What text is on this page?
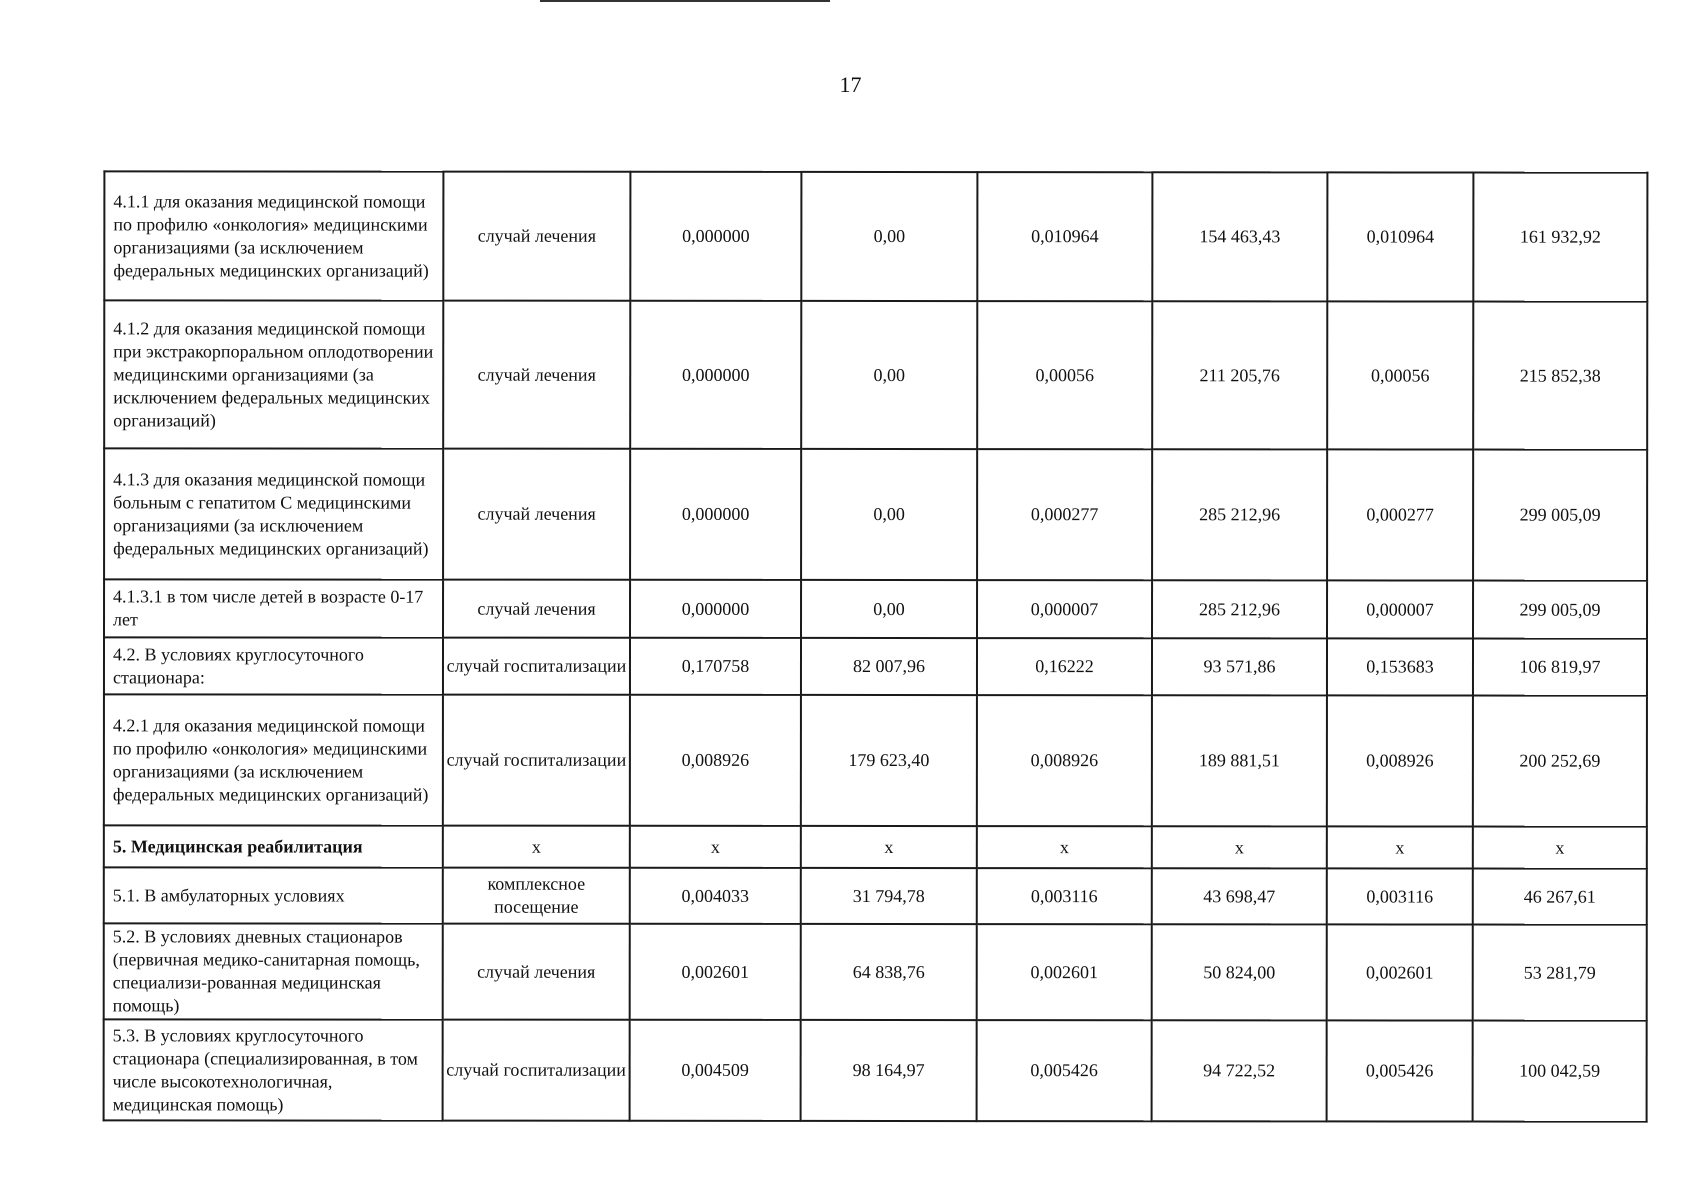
17
4.1.1 для оказания медицинской помощи по профилю «онкология» медицинскими организациями (за исключением федеральных медицинских организаций)	случай лечения	0,000000	0,00	0,010964	154 463,43	0,010964	161 932,92
4.1.2 для оказания медицинской помощи при экстракорпоральном оплодотворении медицинскими организациями (за исключением федеральных медицинских организаций)	случай лечения	0,000000	0,00	0,00056	211 205,76	0,00056	215 852,38
4.1.3 для оказания медицинской помощи больным с гепатитом С медицинскими организациями (за исключением федеральных медицинских организаций)	случай лечения	0,000000	0,00	0,000277	285 212,96	0,000277	299 005,09
4.1.3.1 в том числе детей в возрасте 0-17 лет	случай лечения	0,000000	0,00	0,000007	285 212,96	0,000007	299 005,09
4.2. В условиях круглосуточного стационара:	случай госпитализации	0,170758	82 007,96	0,16222	93 571,86	0,153683	106 819,97
4.2.1 для оказания медицинской помощи по профилю «онкология» медицинскими организациями (за исключением федеральных медицинских организаций)	случай госпитализации	0,008926	179 623,40	0,008926	189 881,51	0,008926	200 252,69
5. Медицинская реабилитация	х	х	х	х	х	х	х
5.1. В амбулаторных условиях	комплексное посещение	0,004033	31 794,78	0,003116	43 698,47	0,003116	46 267,61
5.2. В условиях дневных стационаров (первичная медико-санитарная помощь, специализи-рованная медицинская помощь)	случай лечения	0,002601	64 838,76	0,002601	50 824,00	0,002601	53 281,79
5.3. В условиях круглосуточного стационара (специализированная, в том числе высокотехнологичная, медицинская помощь)	случай госпитализации	0,004509	98 164,97	0,005426	94 722,52	0,005426	100 042,59
